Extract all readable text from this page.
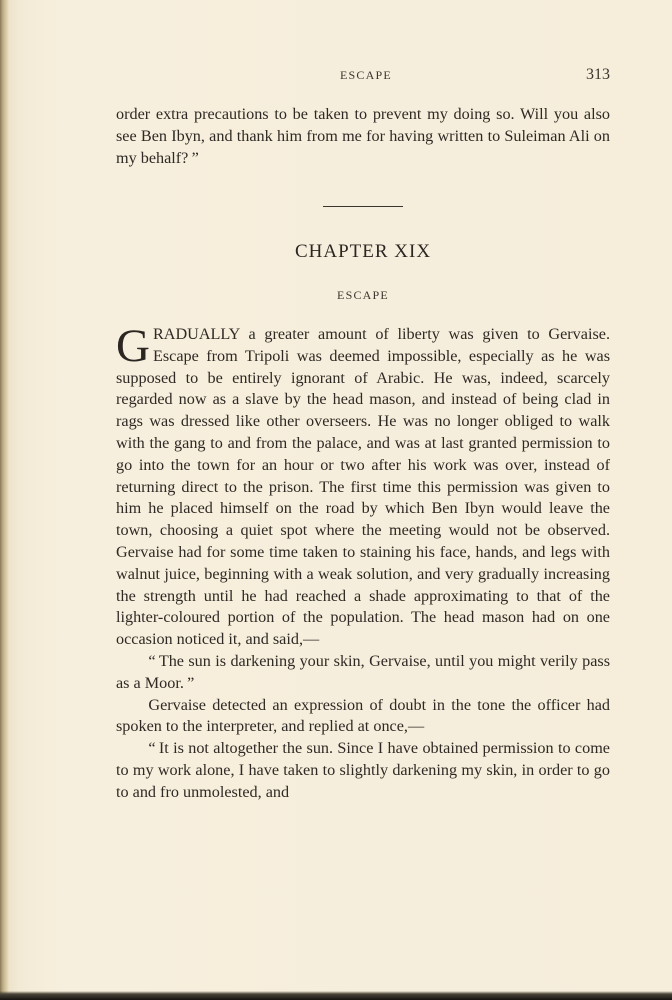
ESCAPE	313

order extra precautions to be taken to prevent my doing so. Will you also see Ben Ibyn, and thank him from me for having written to Suleiman Ali on my behalf? ”

CHAPTER XIX
ESCAPE

GRADUALLY a greater amount of liberty was given to Gervaise. Escape from Tripoli was deemed impossible, especially as he was supposed to be entirely ignorant of Arabic. He was, indeed, scarcely regarded now as a slave by the head mason, and instead of being clad in rags was dressed like other overseers. He was no longer obliged to walk with the gang to and from the palace, and was at last granted permission to go into the town for an hour or two after his work was over, instead of returning direct to the prison. The first time this permission was given to him he placed himself on the road by which Ben Ibyn would leave the town, choosing a quiet spot where the meeting would not be observed. Gervaise had for some time taken to staining his face, hands, and legs with walnut juice, beginning with a weak solution, and very gradually increasing the strength until he had reached a shade approximating to that of the lighter-coloured portion of the population. The head mason had on one occasion noticed it, and said,—

“ The sun is darkening your skin, Gervaise, until you might verily pass as a Moor. ”

Gervaise detected an expression of doubt in the tone the officer had spoken to the interpreter, and replied at once,—

“ It is not altogether the sun. Since I have obtained permission to come to my work alone, I have taken to slightly darkening my skin, in order to go to and fro unmolested, and
